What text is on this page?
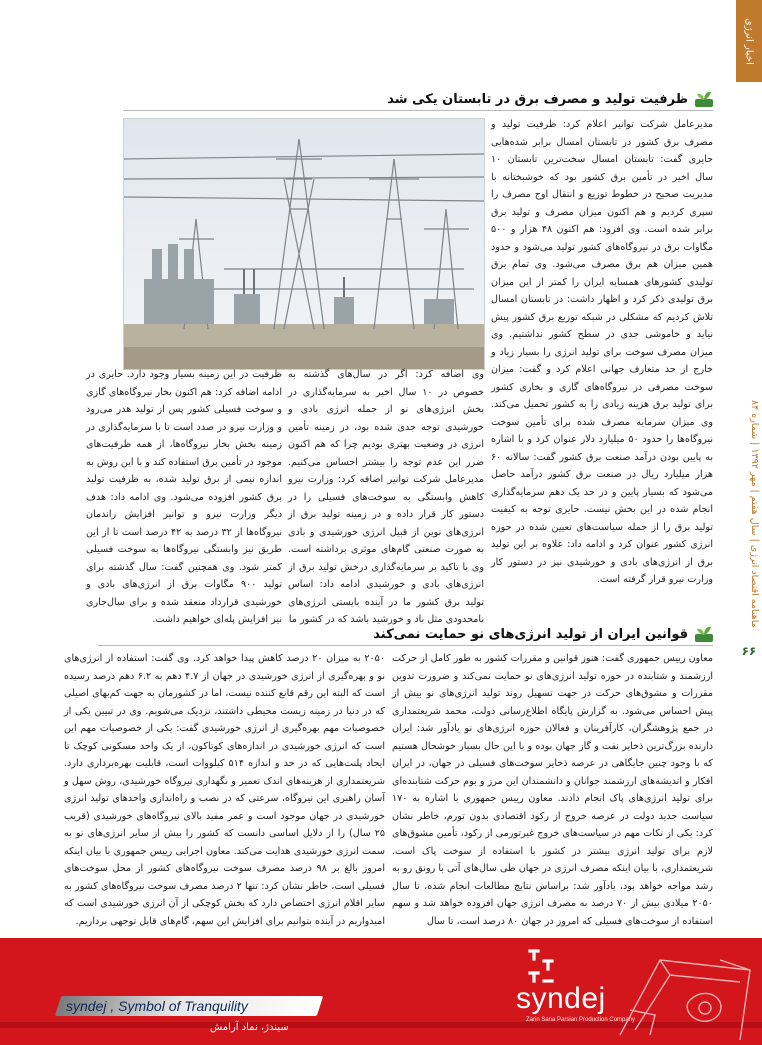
اخبار انرژی
ماهنامه اقتصاد انرژی | سال هفتم | مهر ۱۳۹۲ | شماره ۸۴
۶۶
ظرفیت تولید و مصرف برق در تابستان یکی شد
مدیرعامل شرکت توانیر اعلام کرد: ظرفیت تولید و مصرف برق کشور در تابستان امسال برابر شده‌هایی حایری گفت: تابستان امسال سخت‌ترین تابستان ۱۰ سال اخیر در تأمین برق کشور بود که خوشبختانه با مدیریت صحیح در خطوط توزیع و انتقال اوج مصرف را سپری کردیم و هم اکنون میزان مصرف و تولید برق برابر شده است. وی افزود: هم اکنون ۴۸ هزار و ۵۰۰ مگاوات برق در نیروگاه‌های کشور تولید می‌شود و حدود همین میزان هم برق مصرف می‌شود. وی تمام برق تولیدی کشورهای همسایه ایران را کمتر از این میزان برق تولیدی ذکر کرد و اظهار داشت: در تابستان امسال تلاش کردیم که مشکلی در شبکه توزیع برق کشور پیش نیاید و خاموشی جدی در سطح کشور نداشتیم. وی میزان مصرف سوخت برای تولید انرژی را بسیار زیاد و خارج از حد متعارف جهانی اعلام کرد و گفت: میزان سوخت مصرفی در نیروگاه‌های گازی و بخاری کشور برای تولید برق هزینه زیادی را به کشور تحمیل می‌کند. وی میزان سرمایه مصرف شده برای تأمین سوخت نیروگاه‌ها را حدود ۵۰ میلیارد دلار عنوان کرد و با اشاره به پایین بودن درآمد صنعت برق کشور گفت: سالانه ۶۰ هزار میلیارد ریال در صنعت برق کشور درآمد حاصل می‌شود که بسیار پایین و در حد یک دهم سرمایه‌گذاری انجام شده در این بخش نیست. حایری توجه به کیفیت تولید برق را از جمله سیاست‌های تعیین شده در حوزه انرژی کشور عنوان کرد و ادامه داد: علاوه بر این تولید برق از انرژی‌های بادی و خورشیدی نیز در دستور کار وزارت نیرو قرار گرفته است.
وی اضافه کرد: اگر در سال‌های گذشته به خصوص در ۱۰ سال اخیر به سرمایه‌گذاری در بخش انرژی‌های نو از جمله انرژی بادی و خورشیدی توجه جدی شده بود، در زمینه تأمین انرژی در وضعیت بهتری بودیم چرا که هم اکنون ضرر این عدم توجه را بیشتر احساس می‌کنیم. مدیرعامل شرکت توانیر اضافه کرد: وزارت نیرو کاهش وابستگی به سوخت‌های فسیلی را در دستور کار قرار داده و در زمینه تولید برق از انرژی‌های نوین از قبیل انرژی خورشیدی و بادی به صورت صنعتی گام‌های موثری برداشته است. وی با تاکید بر سرمایه‌گذاری درخش تولید برق از انرژی‌های بادی و خورشیدی ادامه داد: اساس تولید برق کشور ما در آینده بایستی انرژی‌های نامحدودی مثل باد و خورشید باشد که در کشور ما
ظرفیت در این زمینه بسیار وجود دارد. حایری در ادامه اضافه کرد: هم اکنون بخار نیروگاه‌های گازی و سوخت فسیلی کشور پس از تولید هدر می‌رود و وزارت نیرو در صدد است تا با سرمایه‌گذاری در زمینه بخش بخار نیروگاه‌ها، از همه ظرفیت‌های موجود در تأمین برق استفاده کند و با این روش به اندازه نیمی از برق تولید شده، به ظرفیت تولید برق کشور افزوده می‌شود. وی ادامه داد: هدف دیگر وزارت نیرو و توانیر افزایش راندمان نیروگاه‌ها از ۳۲ درصد به ۴۲ درصد است تا از این طریق نیز وابستگی نیروگاه‌ها به سوخت فسیلی کمتر شود. وی همچنین گفت: سال گذشته برای تولید ۹۰۰ مگاوات برق از انرژی‌های بادی و خورشیدی قرارداد منعقد شده و برای سال‌جاری نیز افزایش پله‌ای خواهیم داشت.
قوانین ایران از تولید انرژی‌های نو حمایت نمی‌کند
معاون رییس جمهوری گفت: هنوز قوانین و مقررات کشور به طور کامل از حرکت ارزشمند و شتابنده در حوزه تولید انرژی‌های نو حمایت نمی‌کند و ضرورت تدوین مقررات و مشوق‌های حرکت در جهت تسهیل روند تولید انرژی‌های نو بیش از پیش احساس می‌شود. به گزارش پایگاه اطلاع‌رسانی دولت، محمد شریعتمداری در جمع پژوهشگران، کارآفرینان و فعالان حوزه انرژی‌های نو یادآور شد: ایران دارنده بزرگ‌ترین ذخایر نفت و گاز جهان بوده و با این حال بسیار خوشحال هستیم که با وجود چنین جایگاهی در عرصه ذخایر سوخت‌های فسیلی در جهان، در ایران افکار و اندیشه‌های ارزشمند جوانان و دانشمندان این مرز و بوم حرکت شتابنده‌ای برای تولید انرژی‌های پاک انجام دادند. معاون رییس جمهوری با اشاره به ۱۷۰ سیاست جدید دولت در عرصه خروج از رکود اقتصادی بدون تورم، خاطر نشان کرد: یکی از نکات مهم در سیاست‌های خروج غیرتورمی از رکود، تأمین مشوق‌های لازم برای تولید انرژی بیشتر در کشور با استفاده از سوخت پاک است. شریعتمداری، با بیان اینکه مصرف انرژی در جهان طی سال‌های آتی با رونق رو به رشد مواجه خواهد بود، یادآور شد: براساس نتایج مطالعات انجام شده، تا سال ۲۰۵۰ میلادی بیش از ۷۰ درصد به مصرف انرژی جهان افزوده خواهد شد و سهم استفاده از سوخت‌های فسیلی که امروز در جهان ۸۰ درصد است، تا سال
۲۰۵۰ به میزان ۲۰ درصد کاهش پیدا خواهد کرد. وی گفت: استفاده از انرژی‌های نو و بهره‌گیری از انرژی خورشیدی در جهان از ۴.۷ دهم به ۶.۲ دهم درصد رسیده است که البته این رقم قانع کننده نیست، اما در کشورمان به جهت کم‌بهای اصیلی که در دنیا در زمینه زیست محیطی داشتند، نزدیک می‌شویم. وی در تبیین یکی از خصوصیات مهم بهره‌گیری از انرژی خورشیدی گفت: یکی از خصوصیات مهم این است که انرژی خورشیدی در اندازه‌های کوتاکون، از یک واحد مسکونی کوچک تا ایجاد پلنت‌هایی که در حد و اندازه ۵۱۴ کیلووات است، قابلیت بهره‌برداری دارد. شریعتمداری از هزینه‌های اندک تعمیر و نگهداری نیروگاه خورشیدی، روش سهل و آسان راهبری این نیروگاه، سرعتی که در نصب و راه‌اندازی واحدهای تولید انرژی خورشیدی در جهان موجود است و عمر مفید بالای نیروگاه‌های خورشیدی (قریب ۲۵ سال) را از دلایل اساسی دانست که کشور را بیش از سایر انرژی‌های نو به سمت انرژی خورشیدی هدایت می‌کند. معاون اجرایی رییس جمهوری با بیان اینکه امروز بالغ بر ۹۸ درصد مصرف سوخت نیروگاه‌های کشور از محل سوخت‌های فسیلی است، خاطر نشان کرد: تنها ۲ درصد مصرف سوخت نیروگاه‌های کشور به سایر اقلام انرژی اختصاص دارد که بخش کوچکی از آن انرژی خورشیدی است که امیدواریم در آینده بتوانیم برای افزایش این سهم، گام‌های قابل توجهی برداریم.
syndej , Symbol of Tranquility
سیندژ، نماد آرامش
syndej
Zarin Sana Parsian Production Company
